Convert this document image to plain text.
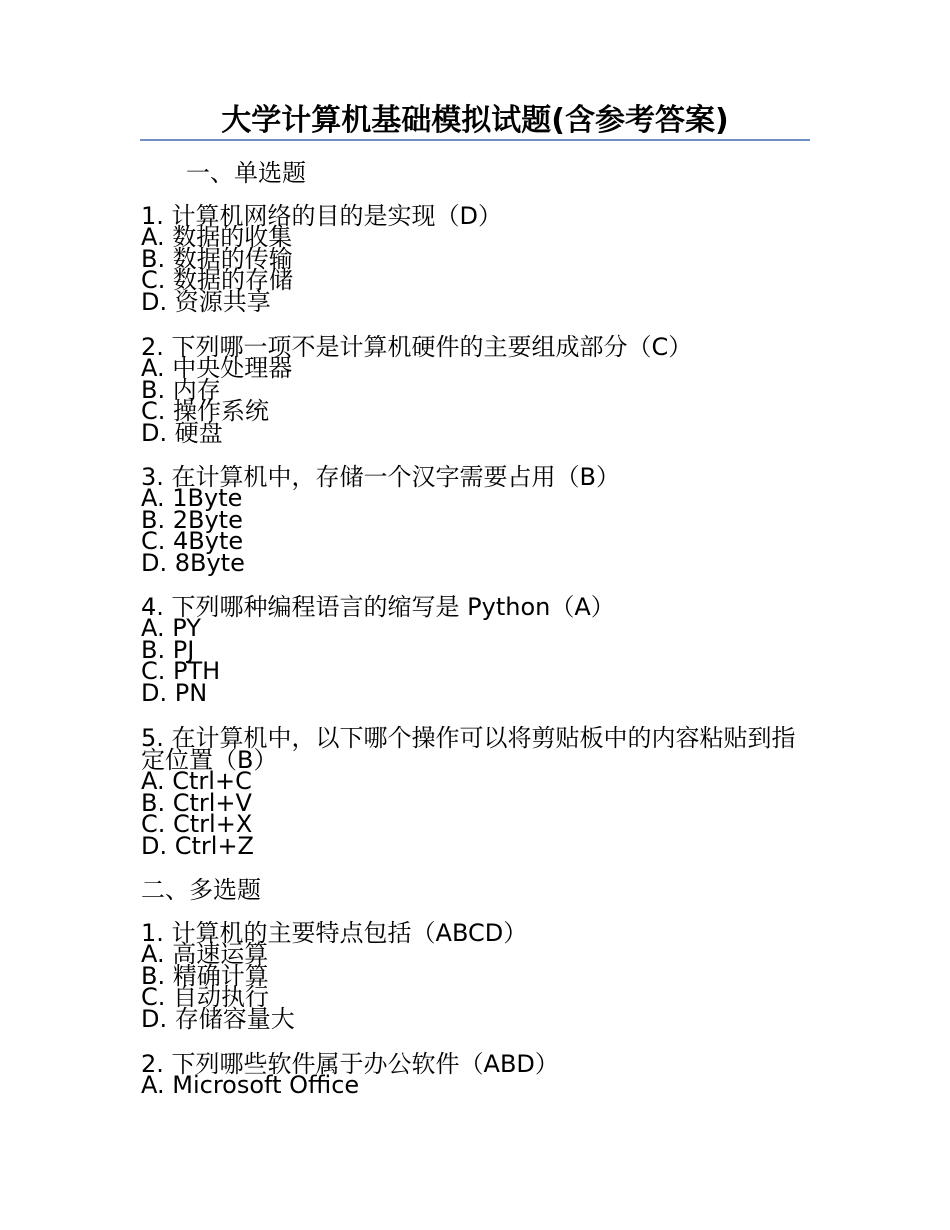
大学计算机基础模拟试题(含参考答案)
一、单选题
1. 计算机网络的目的是实现（D）
A. 数据的收集
B. 数据的传输
C. 数据的存储
D. 资源共享
2. 下列哪一项不是计算机硬件的主要组成部分（C）
A. 中央处理器
B. 内存
C. 操作系统
D. 硬盘
3. 在计算机中，存储一个汉字需要占用（B）
A. 1Byte
B. 2Byte
C. 4Byte
D. 8Byte
4. 下列哪种编程语言的缩写是 Python（A）
A. PY
B. PJ
C. PTH
D. PN
5. 在计算机中，以下哪个操作可以将剪贴板中的内容粘贴到指定位置（B）
A. Ctrl+C
B. Ctrl+V
C. Ctrl+X
D. Ctrl+Z
二、多选题
1. 计算机的主要特点包括（ABCD）
A. 高速运算
B. 精确计算
C. 自动执行
D. 存储容量大
2. 下列哪些软件属于办公软件（ABD）
A. Microsoft Office
